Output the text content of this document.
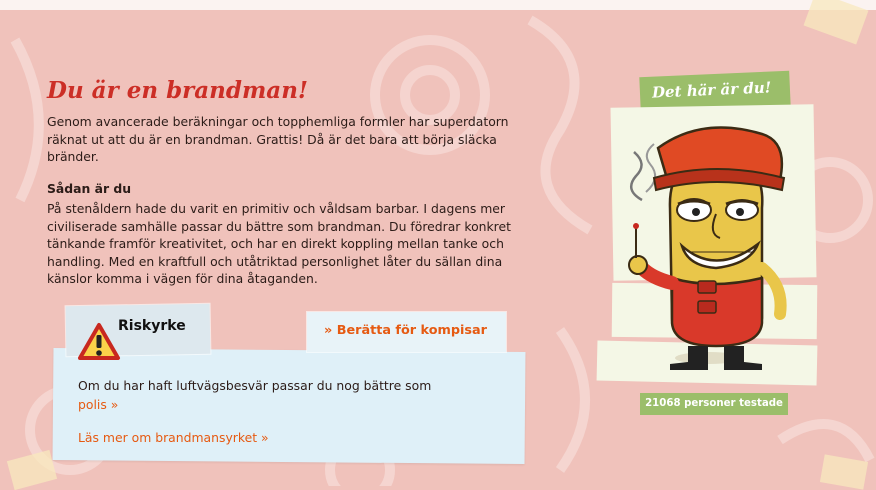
Du är en brandman!

Genom avancerade beräkningar och topphemliga formler har superdatorn räknat ut att du är en brandman. Grattis! Då är det bara att börja släcka bränder.

Sådan är du

På stenåldern hade du varit en primitiv och våldsam barbar. I dagens mer civiliserade samhälle passar du bättre som brandman. Du föredrar konkret tänkande framför kreativitet, och har en direkt koppling mellan tanke och handling. Med en kraftfull och utåtriktad personlighet låter du sällan dina känslor komma i vägen för dina åtaganden.

Riskyrke	» Berätta för kompisar
Om du har haft luftvägsbesvär passar du nog bättre som
polis »
Läs mer om brandmansyrket »
Det här är du!
21068 personer testade
